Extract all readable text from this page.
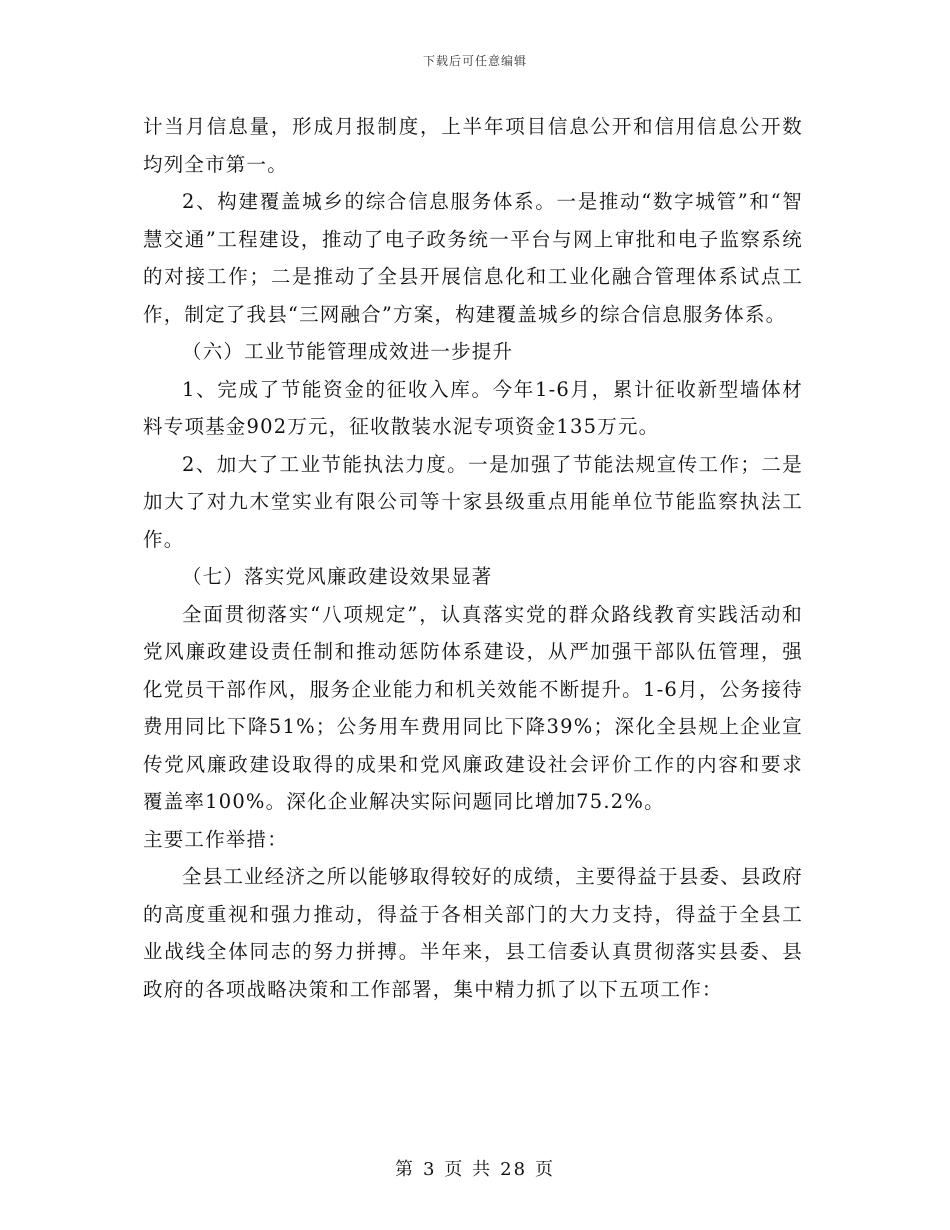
下载后可任意编辑

计当月信息量，形成月报制度，上半年项目信息公开和信用信息公开数均列全市第一。

2、构建覆盖城乡的综合信息服务体系。一是推动“数字城管”和“智慧交通”工程建设，推动了电子政务统一平台与网上审批和电子监察系统的对接工作；二是推动了全县开展信息化和工业化融合管理体系试点工作，制定了我县“三网融合”方案，构建覆盖城乡的综合信息服务体系。

（六）工业节能管理成效进一步提升

1、完成了节能资金的征收入库。今年1-6月，累计征收新型墙体材料专项基金902万元，征收散装水泥专项资金135万元。

2、加大了工业节能执法力度。一是加强了节能法规宣传工作；二是加大了对九木堂实业有限公司等十家县级重点用能单位节能监察执法工作。

（七）落实党风廉政建设效果显著

全面贯彻落实“八项规定”，认真落实党的群众路线教育实践活动和党风廉政建设责任制和推动惩防体系建设，从严加强干部队伍管理，强化党员干部作风，服务企业能力和机关效能不断提升。1-6月，公务接待费用同比下降51%；公务用车费用同比下降39%；深化全县规上企业宣传党风廉政建设取得的成果和党风廉政建设社会评价工作的内容和要求覆盖率100%。深化企业解决实际问题同比增加75.2%。

主要工作举措：

全县工业经济之所以能够取得较好的成绩，主要得益于县委、县政府的高度重视和强力推动，得益于各相关部门的大力支持，得益于全县工业战线全体同志的努力拼搏。半年来，县工信委认真贯彻落实县委、县政府的各项战略决策和工作部署，集中精力抓了以下五项工作：

第 3 页 共 28 页
